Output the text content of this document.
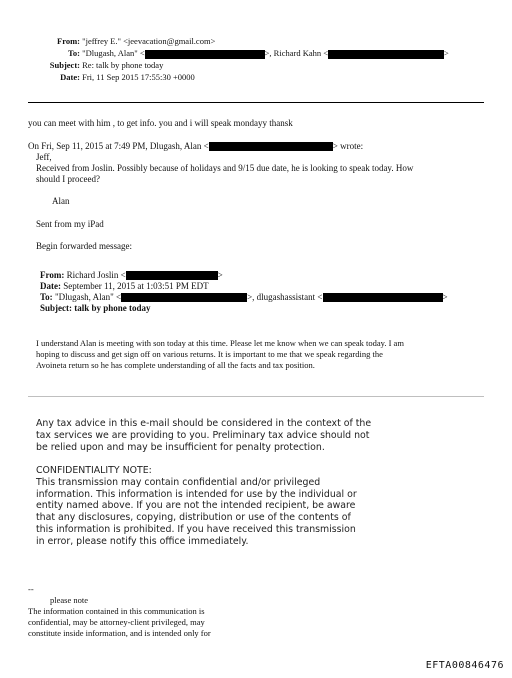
From: "jeffrey E." <jeevacation@gmail.com>
To: "Dlugash, Alan" <	>, Richard Kahn <	>
Subject: Re: talk by phone today
Date: Fri, 11 Sep 2015 17:55:30 +0000
you can meet with him , to get info. you and i will speak mondayy thansk
On Fri, Sep 11, 2015 at 7:49 PM, Dlugash, Alan <	> wrote:
Jeff,
Received from Joslin. Possibly because of holidays and 9/15 due date, he is looking to speak today. How
should I proceed?
Alan
Sent from my iPad
Begin forwarded message:
From: Richard Joslin <	>
Date: September 11, 2015 at 1:03:51 PM EDT
To: "Dlugash, Alan" <	>, dlugashassistant <	>
Subject: talk by phone today
I understand Alan is meeting with son today at this time. Please let me know when we can speak today. I am
hoping to discuss and get sign off on various returns. It is important to me that we speak regarding the
Avoineta return so he has complete understanding of all the facts and tax position.
Any tax advice in this e-mail should be considered in the context of the
tax services we are providing to you. Preliminary tax advice should not
be relied upon and may be insufficient for penalty protection.
CONFIDENTIALITY NOTE:
This transmission may contain confidential and/or privileged
information. This information is intended for use by the individual or
entity named above. If you are not the intended recipient, be aware
that any disclosures, copying, distribution or use of the contents of
this information is prohibited. If you have received this transmission
in error, please notify this office immediately.
--
please note
The information contained in this communication is
confidential, may be attorney-client privileged, may
constitute inside information, and is intended only for
EFTA00846476
